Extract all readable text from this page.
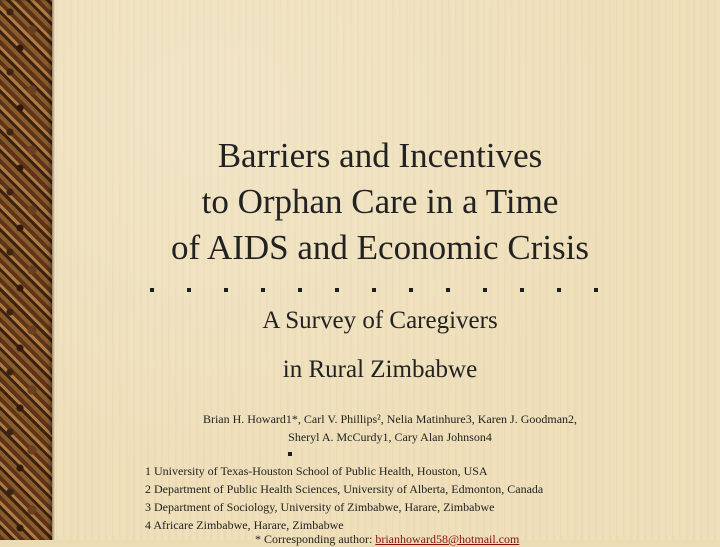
Barriers and Incentives
to Orphan Care in a Time
of AIDS and Economic Crisis
A Survey of Caregivers
in Rural Zimbabwe
Brian H. Howard1*, Carl V. Phillips², Nelia Matinhure3, Karen J. Goodman2,
Sheryl A. McCurdy1, Cary Alan Johnson4
1 University of Texas-Houston School of Public Health, Houston, USA
2 Department of Public Health Sciences, University of Alberta, Edmonton, Canada
3 Department of Sociology, University of Zimbabwe, Harare, Zimbabwe
4 Africare Zimbabwe, Harare, Zimbabwe
* Corresponding author: brianhoward58@hotmail.com
